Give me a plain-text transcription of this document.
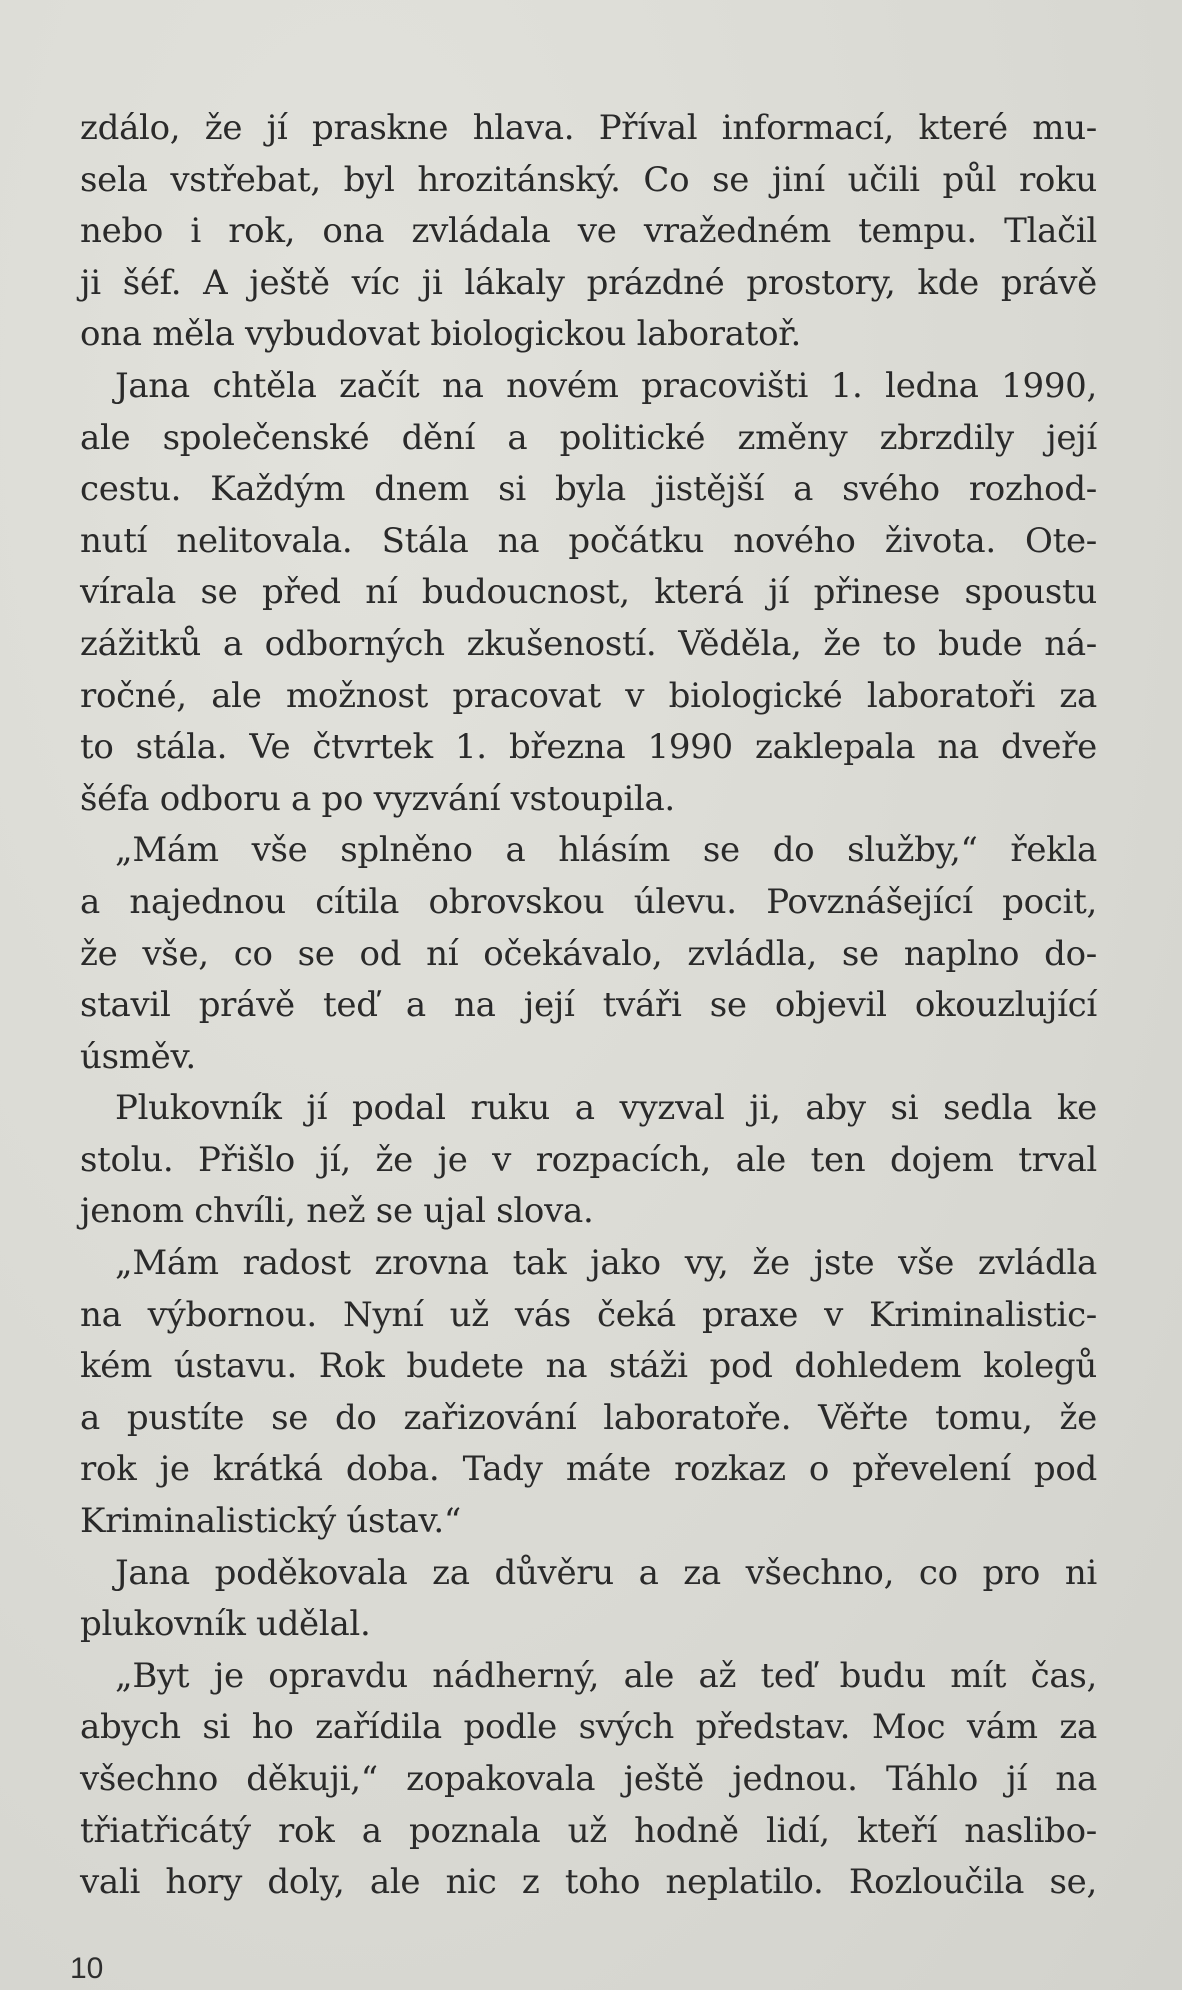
zdálo, že jí praskne hlava. Příval informací, které mu-
sela vstřebat, byl hrozitánský. Co se jiní učili půl roku
nebo i rok, ona zvládala ve vražedném tempu. Tlačil
ji šéf. A ještě víc ji lákaly prázdné prostory, kde právě
ona měla vybudovat biologickou laboratoř.
Jana chtěla začít na novém pracovišti 1. ledna 1990,
ale společenské dění a politické změny zbrzdily její
cestu. Každým dnem si byla jistější a svého rozhod-
nutí nelitovala. Stála na počátku nového života. Ote-
vírala se před ní budoucnost, která jí přinese spoustu
zážitků a odborných zkušeností. Věděla, že to bude ná-
ročné, ale možnost pracovat v biologické laboratoři za
to stála. Ve čtvrtek 1. března 1990 zaklepala na dveře
šéfa odboru a po vyzvání vstoupila.
„Mám vše splněno a hlásím se do služby,“ řekla
a najednou cítila obrovskou úlevu. Povznášející pocit,
že vše, co se od ní očekávalo, zvládla, se naplno do-
stavil právě teď a na její tváři se objevil okouzlující
úsměv.
Plukovník jí podal ruku a vyzval ji, aby si sedla ke
stolu. Přišlo jí, že je v rozpacích, ale ten dojem trval
jenom chvíli, než se ujal slova.
„Mám radost zrovna tak jako vy, že jste vše zvládla
na výbornou. Nyní už vás čeká praxe v Kriminalistic-
kém ústavu. Rok budete na stáži pod dohledem kolegů
a pustíte se do zařizování laboratoře. Věřte tomu, že
rok je krátká doba. Tady máte rozkaz o převelení pod
Kriminalistický ústav.“
Jana poděkovala za důvěru a za všechno, co pro ni
plukovník udělal.
„Byt je opravdu nádherný, ale až teď budu mít čas,
abych si ho zařídila podle svých představ. Moc vám za
všechno děkuji,“ zopakovala ještě jednou. Táhlo jí na
třiatřicátý rok a poznala už hodně lidí, kteří naslibo-
vali hory doly, ale nic z toho neplatilo. Rozloučila se,
10
